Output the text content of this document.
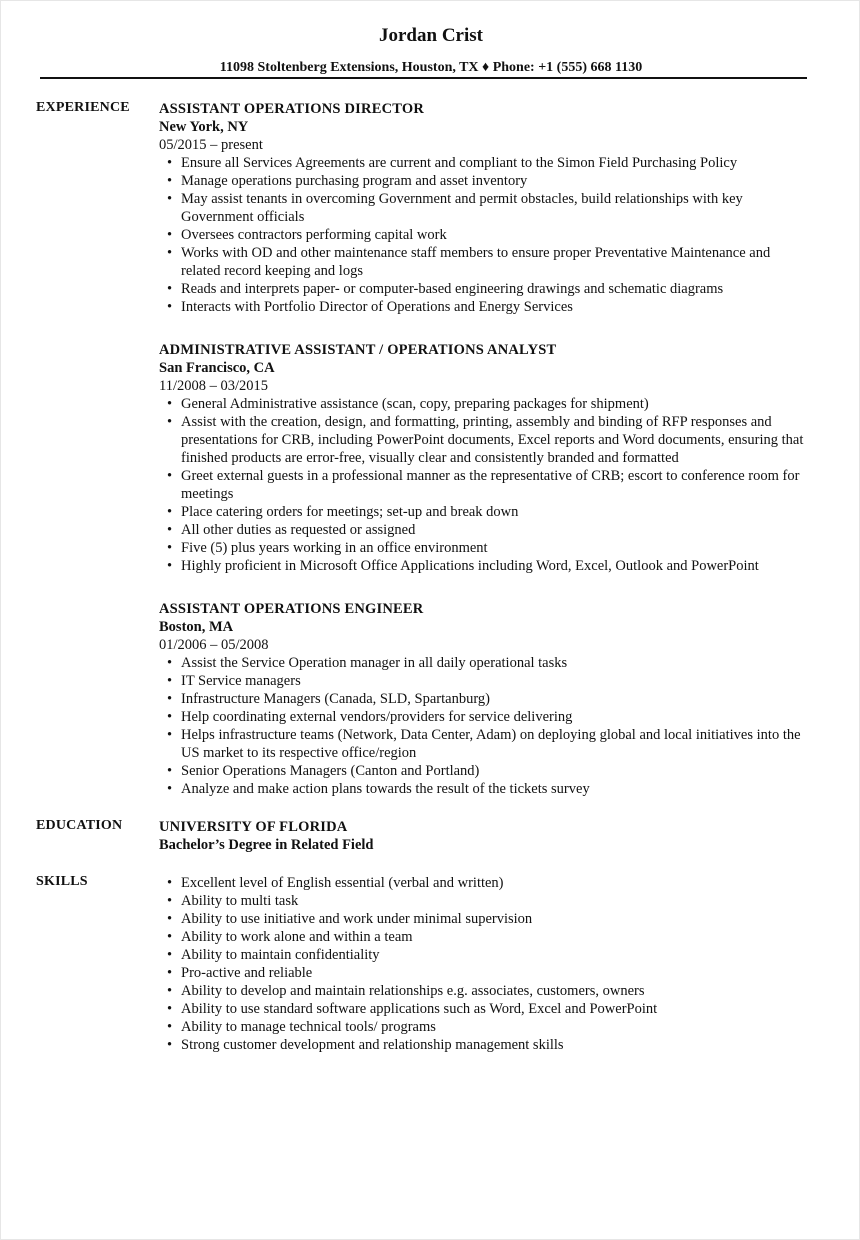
Jordan Crist
11098 Stoltenberg Extensions, Houston, TX ♦ Phone: +1 (555) 668 1130
EXPERIENCE ASSISTANT OPERATIONS DIRECTOR
New York, NY
05/2015 – present
• Ensure all Services Agreements are current and compliant to the Simon Field Purchasing Policy
• Manage operations purchasing program and asset inventory
• May assist tenants in overcoming Government and permit obstacles, build relationships with key Government officials
• Oversees contractors performing capital work
• Works with OD and other maintenance staff members to ensure proper Preventative Maintenance and related record keeping and logs
• Reads and interprets paper- or computer-based engineering drawings and schematic diagrams
• Interacts with Portfolio Director of Operations and Energy Services
ADMINISTRATIVE ASSISTANT / OPERATIONS ANALYST
San Francisco, CA
11/2008 – 03/2015
• General Administrative assistance (scan, copy, preparing packages for shipment)
• Assist with the creation, design, and formatting, printing, assembly and binding of RFP responses and presentations for CRB, including PowerPoint documents, Excel reports and Word documents, ensuring that finished products are error-free, visually clear and consistently branded and formatted
• Greet external guests in a professional manner as the representative of CRB; escort to conference room for meetings
• Place catering orders for meetings; set-up and break down
• All other duties as requested or assigned
• Five (5) plus years working in an office environment
• Highly proficient in Microsoft Office Applications including Word, Excel, Outlook and PowerPoint
ASSISTANT OPERATIONS ENGINEER
Boston, MA
01/2006 – 05/2008
• Assist the Service Operation manager in all daily operational tasks
• IT Service managers
• Infrastructure Managers (Canada, SLD, Spartanburg)
• Help coordinating external vendors/providers for service delivering
• Helps infrastructure teams (Network, Data Center, Adam) on deploying global and local initiatives into the US market to its respective office/region
• Senior Operations Managers (Canton and Portland)
• Analyze and make action plans towards the result of the tickets survey
EDUCATION	UNIVERSITY OF FLORIDA
Bachelor’s Degree in Related Field
SKILLS
•	Excellent level of English essential (verbal and written)
• Ability to multi task
• Ability to use initiative and work under minimal supervision
• Ability to work alone and within a team
• Ability to maintain confidentiality
• Pro-active and reliable
• Ability to develop and maintain relationships e.g. associates, customers, owners
• Ability to use standard software applications such as Word, Excel and PowerPoint
• Ability to manage technical tools/ programs
• Strong customer development and relationship management skills
